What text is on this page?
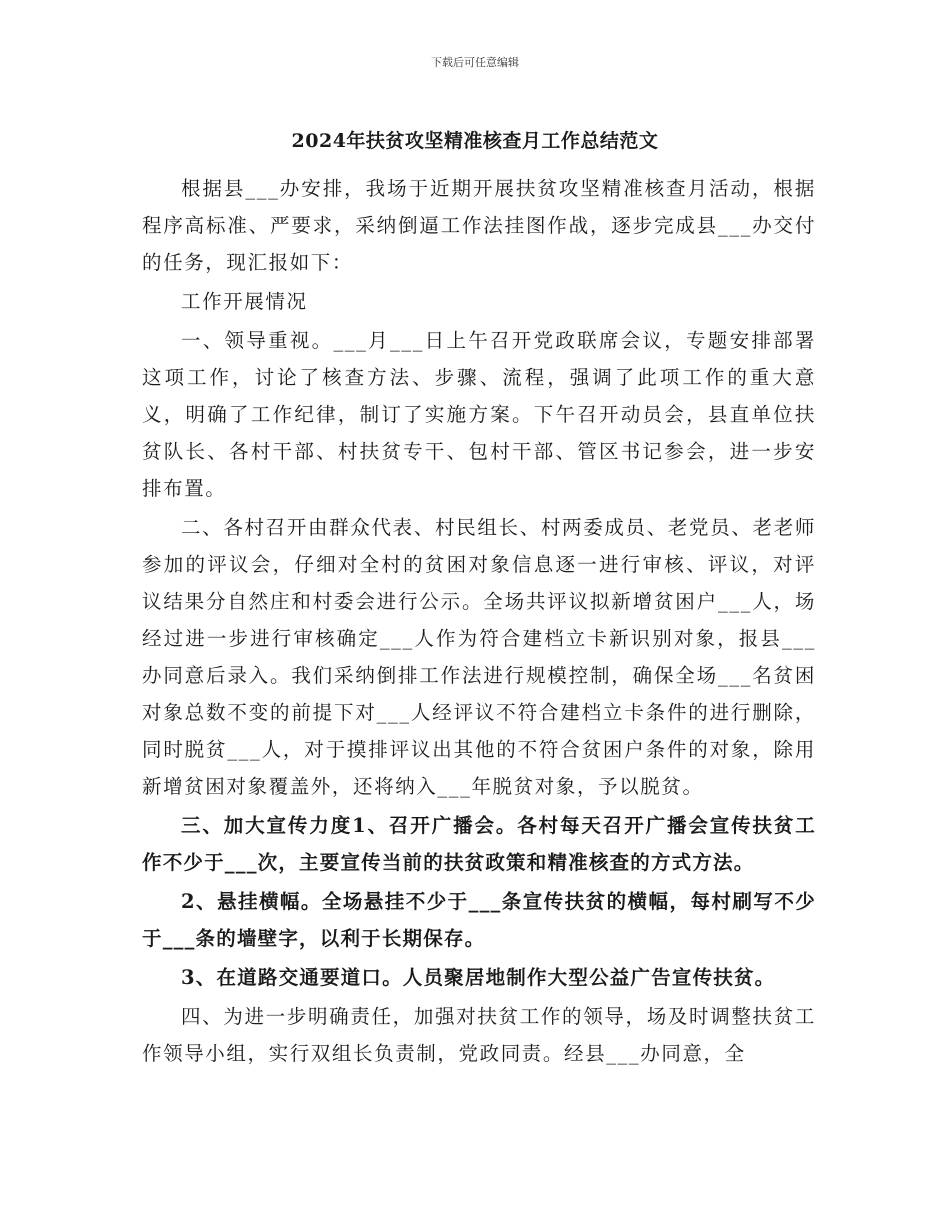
下载后可任意编辑
2024年扶贫攻坚精准核查月工作总结范文

根据县___办安排，我场于近期开展扶贫攻坚精准核查月活动，根据程序高标准、严要求，采纳倒逼工作法挂图作战，逐步完成县___办交付的任务，现汇报如下：

工作开展情况

一、领导重视。___月___日上午召开党政联席会议，专题安排部署这项工作，讨论了核查方法、步骤、流程，强调了此项工作的重大意义，明确了工作纪律，制订了实施方案。下午召开动员会，县直单位扶贫队长、各村干部、村扶贫专干、包村干部、管区书记参会，进一步安排布置。

二、各村召开由群众代表、村民组长、村两委成员、老党员、老老师参加的评议会，仔细对全村的贫困对象信息逐一进行审核、评议，对评议结果分自然庄和村委会进行公示。全场共评议拟新增贫困户___人，场经过进一步进行审核确定___人作为符合建档立卡新识别对象，报县___办同意后录入。我们采纳倒排工作法进行规模控制，确保全场___名贫困对象总数不变的前提下对___人经评议不符合建档立卡条件的进行删除，同时脱贫___人，对于摸排评议出其他的不符合贫困户条件的对象，除用新增贫困对象覆盖外，还将纳入___年脱贫对象，予以脱贫。

三、加大宣传力度1、召开广播会。各村每天召开广播会宣传扶贫工作不少于___次，主要宣传当前的扶贫政策和精准核查的方式方法。

2、悬挂横幅。全场悬挂不少于___条宣传扶贫的横幅，每村刷写不少于___条的墙壁字，以利于长期保存。

3、在道路交通要道口。人员聚居地制作大型公益广告宣传扶贫。

四、为进一步明确责任，加强对扶贫工作的领导，场及时调整扶贫工作领导小组，实行双组长负责制，党政同责。经县___办同意，全
